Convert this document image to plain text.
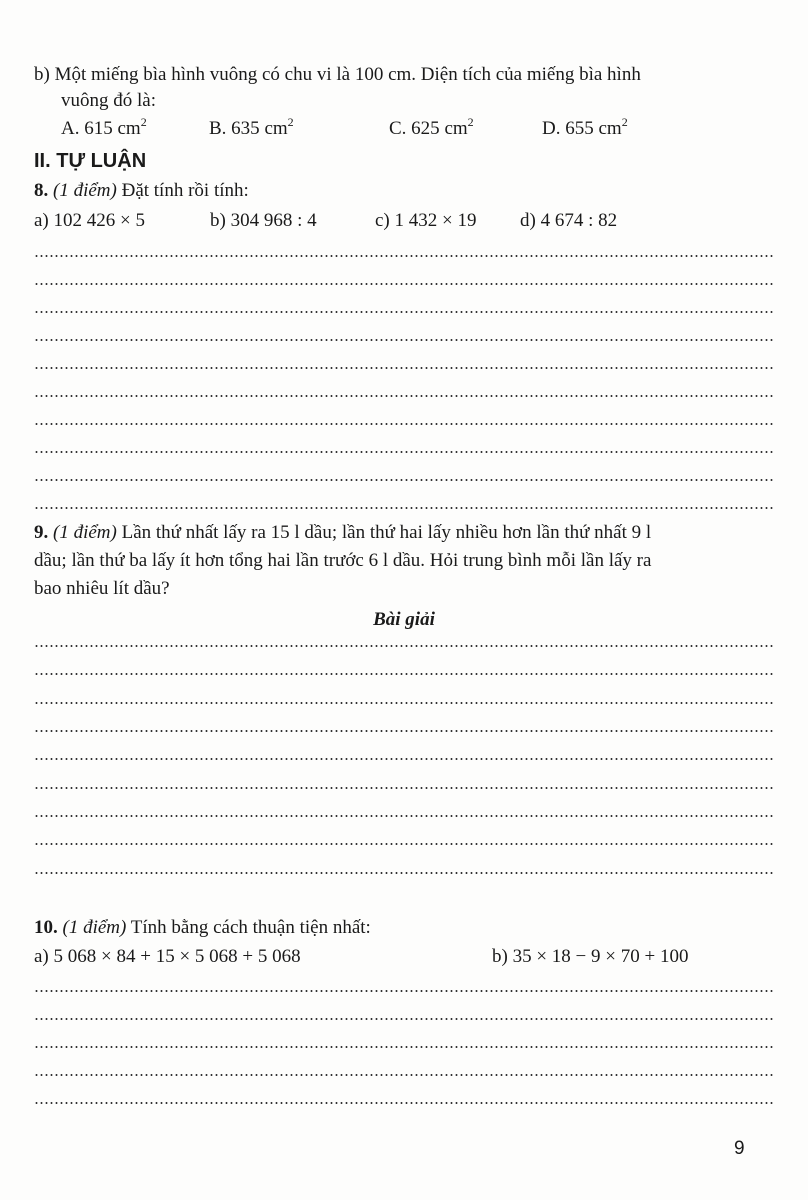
b) Một miếng bìa hình vuông có chu vi là 100 cm. Diện tích của miếng bìa hình
vuông đó là:
A. 615 $cm^2$	B. 635 $cm^2$	C. 625 $cm^2$	D. 655 $cm^2$
II. TỰ LUẬN
8. (1 điểm) Đặt tính rồi tính:
a) 102 426 × 5	b) 304 968 : 4	c) 1 432 × 19 d) 4 674 : 82
9. (1 điểm) Lần thứ nhất lấy ra 15 l dầu; lần thứ hai lấy nhiều hơn lần thứ nhất 9 l
dầu; lần thứ ba lấy ít hơn tổng hai lần trước 6 l dầu. Hỏi trung bình mỗi lần lấy ra
bao nhiêu lít dầu?
Bài giải
10. (1 điểm) Tính bằng cách thuận tiện nhất:
a) 5 068 × 84 + 15 × 5 068 + 5 068	b) 35 × 18 − 9 × 70 + 100
9
